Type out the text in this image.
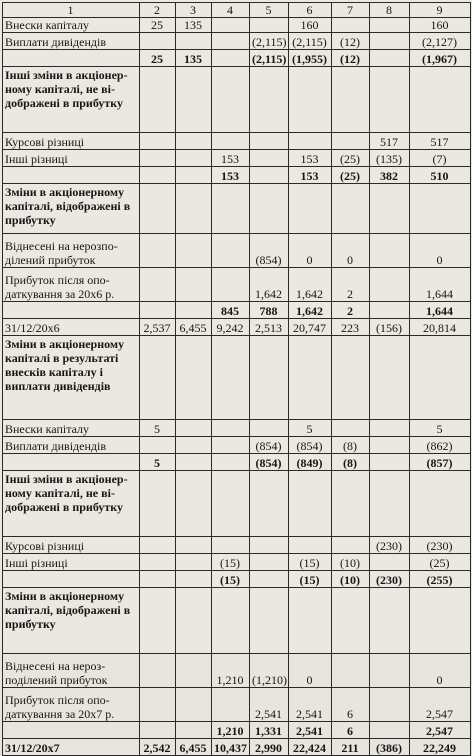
1	2	3	4	5	6	7	8	9
Внески капіталу	25	135			160			160
Виплати дивідендів				(2,115)	(2,115)	(12)		(2,127)
	25	135		(2,115)	(1,955)	(12)		(1,967)
Інші зміни в акціонер-ному капіталі, не ві-дображені в прибутку								
Курсові різниці							517	517
Інші різниці			153		153	(25)	(135)	(7)
			153		153	(25)	382	510
Зміни в акціонерному капіталі, відображені в прибутку								
Віднесені на нерозпо-ділений прибуток				(854)	0	0		0
Прибуток після опо-даткування за 20х6 р.				1,642	1,642	2		1,644
			845	788	1,642	2		1,644
31/12/20х6	2,537	6,455	9,242	2,513	20,747	223	(156)	20,814
Зміни в акціонерному капіталі в результаті внесків капіталу і виплати дивідендів								
Внески капіталу	5				5			5
Виплати дивідендів				(854)	(854)	(8)		(862)
	5			(854)	(849)	(8)		(857)
Інші зміни в акціонер-ному капіталі, не ві-дображені в прибутку								
Курсові різниці							(230)	(230)
Інші різниці			(15)		(15)	(10)		(25)
			(15)		(15)	(10)	(230)	(255)
Зміни в акціонерному капіталі, відображені в прибутку								
Віднесені на нероз-поділений прибуток			1,210	(1,210)	0			0
Прибуток після опо-даткування за 20х7 р.				2,541	2,541	6		2,547
			1,210	1,331	2,541	6		2,547
31/12/20х7	2,542	6,455	10,437	2,990	22,424	211	(386)	22,249
